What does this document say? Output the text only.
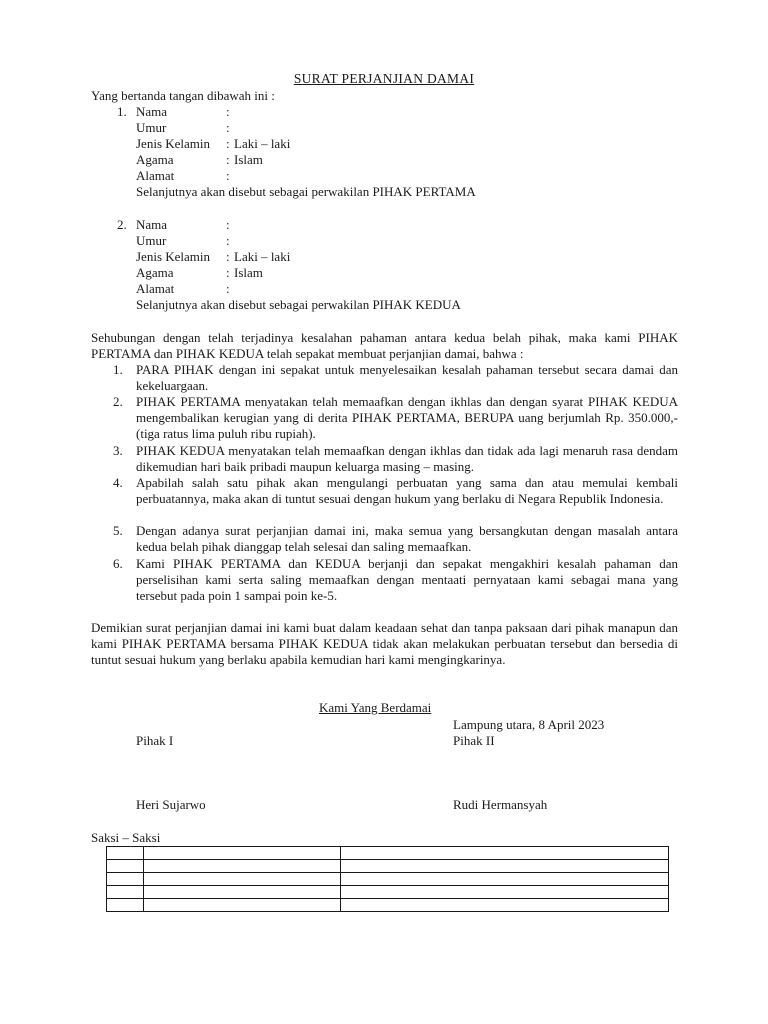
SURAT PERJANJIAN DAMAI
Yang bertanda tangan dibawah ini :
1. Nama	:
Umur	:
Jenis Kelamin : Laki – laki
Agama	: Islam
Alamat	:
Selanjutnya akan disebut sebagai perwakilan PIHAK PERTAMA
2. Nama	:
Umur	:
Jenis Kelamin : Laki – laki
Agama	: Islam
Alamat	:
Selanjutnya akan disebut sebagai perwakilan PIHAK KEDUA
Sehubungan dengan telah terjadinya kesalahan pahaman antara kedua belah pihak, maka kami PIHAK PERTAMA dan PIHAK KEDUA telah sepakat membuat perjanjian damai, bahwa :
1. PARA PIHAK dengan ini sepakat untuk menyelesaikan kesalah pahaman tersebut secara damai dan kekeluargaan.
2. PIHAK PERTAMA menyatakan telah memaafkan dengan ikhlas dan dengan syarat PIHAK KEDUA mengembalikan kerugian yang di derita PIHAK PERTAMA, BERUPA uang berjumlah Rp. 350.000,- (tiga ratus lima puluh ribu rupiah).
3. PIHAK KEDUA menyatakan telah memaafkan dengan ikhlas dan tidak ada lagi menaruh rasa dendam dikemudian hari baik pribadi maupun keluarga masing – masing.
4. Apabilah salah satu pihak akan mengulangi perbuatan yang sama dan atau memulai kembali perbuatannya, maka akan di tuntut sesuai dengan hukum yang berlaku di Negara Republik Indonesia.
5. Dengan adanya surat perjanjian damai ini, maka semua yang bersangkutan dengan masalah antara kedua belah pihak dianggap telah selesai dan saling memaafkan.
6. Kami PIHAK PERTAMA dan KEDUA berjanji dan sepakat mengakhiri kesalah pahaman dan perselisihan kami serta saling memaafkan dengan mentaati pernyataan kami sebagai mana yang tersebut pada poin 1 sampai poin ke-5.
Demikian surat perjanjian damai ini kami buat dalam keadaan sehat dan tanpa paksaan dari pihak manapun dan kami PIHAK PERTAMA bersama PIHAK KEDUA tidak akan melakukan perbuatan tersebut dan bersedia di tuntut sesuai hukum yang berlaku apabila kemudian hari kami mengingkarinya.
Kami Yang Berdamai
Lampung utara, 8 April 2023
Pihak I	Pihak II
Heri Sujarwo	Rudi Hermansyah
Saksi – Saksi
